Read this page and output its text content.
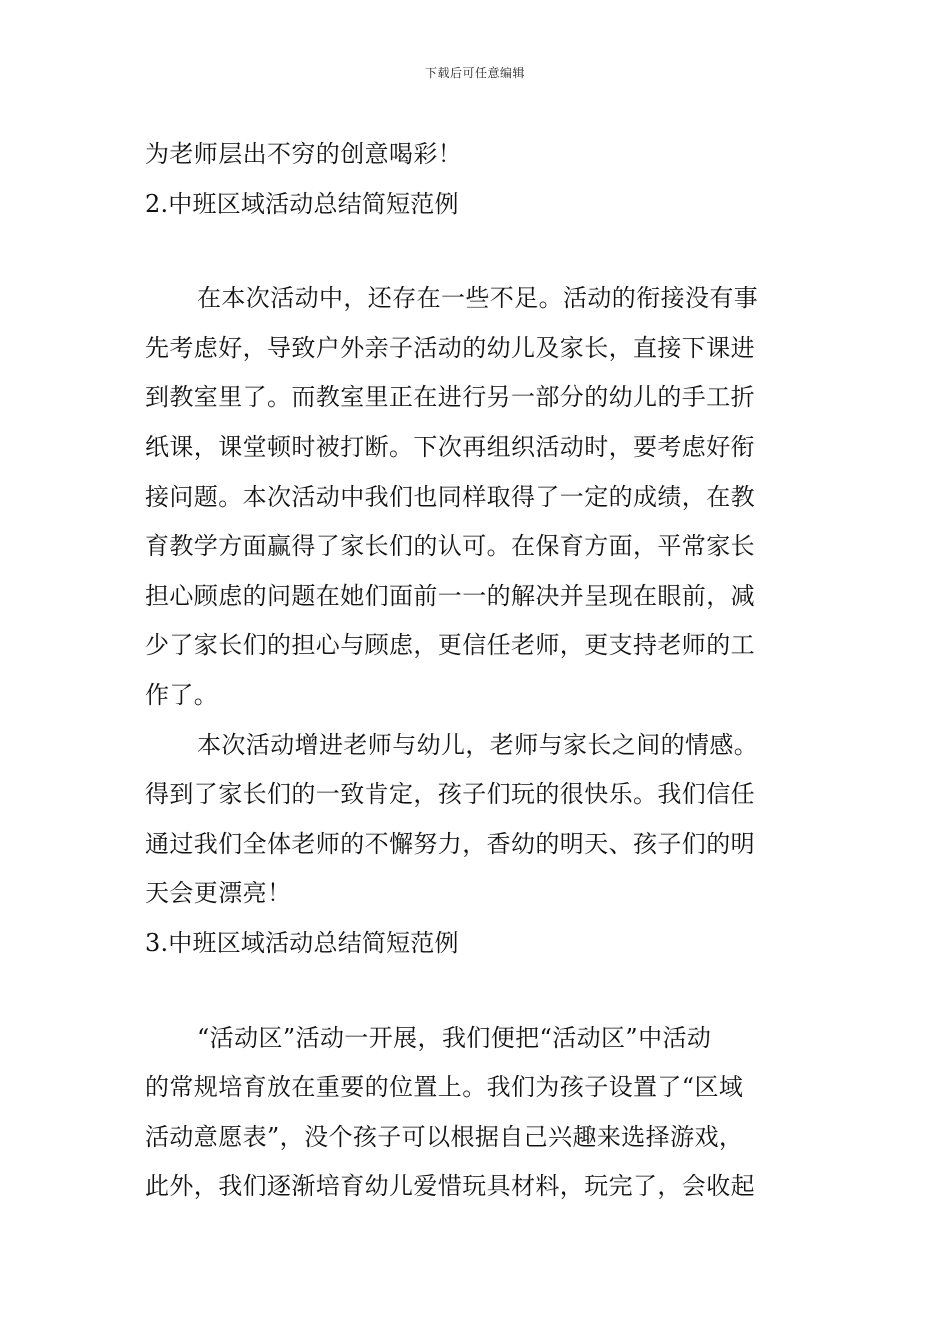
下载后可任意编辑
为老师层出不穷的创意喝彩！
2.中班区域活动总结简短范例
在本次活动中，还存在一些不足。活动的衔接没有事
先考虑好，导致户外亲子活动的幼儿及家长，直接下课进
到教室里了。而教室里正在进行另一部分的幼儿的手工折
纸课，课堂顿时被打断。下次再组织活动时，要考虑好衔
接问题。本次活动中我们也同样取得了一定的成绩，在教
育教学方面赢得了家长们的认可。在保育方面，平常家长
担心顾虑的问题在她们面前一一的解决并呈现在眼前，减
少了家长们的担心与顾虑，更信任老师，更支持老师的工
作了。
本次活动增进老师与幼儿，老师与家长之间的情感。
得到了家长们的一致肯定，孩子们玩的很快乐。我们信任
通过我们全体老师的不懈努力，香幼的明天、孩子们的明
天会更漂亮！
3.中班区域活动总结简短范例
“活动区”活动一开展，我们便把“活动区”中活动
的常规培育放在重要的位置上。我们为孩子设置了“区域
活动意愿表”，没个孩子可以根据自己兴趣来选择游戏，
此外，我们逐渐培育幼儿爱惜玩具材料，玩完了，会收起
